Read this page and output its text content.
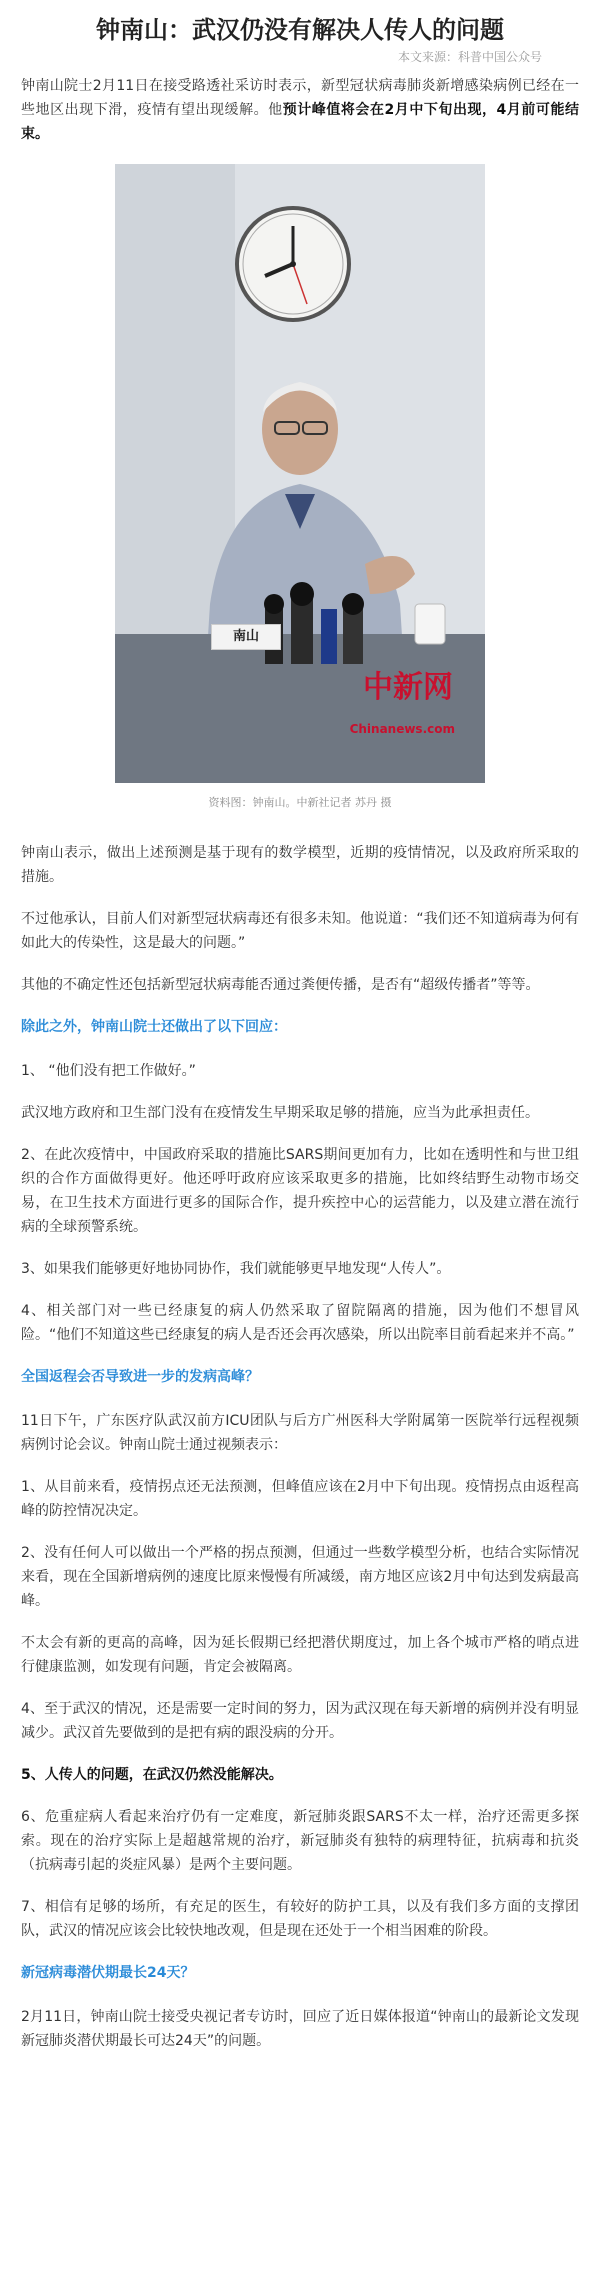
钟南山：武汉仍没有解决人传人的问题
本文来源：科普中国公众号

钟南山院士2月11日在接受路透社采访时表示，新型冠状病毒肺炎新增感染病例已经在一些地区出现下滑，疫情有望出现缓解。他预计峰值将会在2月中下旬出现，4月前可能结束。

南山
中新网
Chinanews.com
资料图：钟南山。中新社记者 苏丹 摄

钟南山表示，做出上述预测是基于现有的数学模型，近期的疫情情况，以及政府所采取的措施。

不过他承认，目前人们对新型冠状病毒还有很多未知。他说道：“我们还不知道病毒为何有如此大的传染性，这是最大的问题。”

其他的不确定性还包括新型冠状病毒能否通过粪便传播，是否有“超级传播者”等等。

除此之外，钟南山院士还做出了以下回应：

1、 “他们没有把工作做好。”

武汉地方政府和卫生部门没有在疫情发生早期采取足够的措施，应当为此承担责任。

2、在此次疫情中，中国政府采取的措施比SARS期间更加有力，比如在透明性和与世卫组织的合作方面做得更好。他还呼吁政府应该采取更多的措施，比如终结野生动物市场交易，在卫生技术方面进行更多的国际合作，提升疾控中心的运营能力，以及建立潜在流行病的全球预警系统。

3、如果我们能够更好地协同协作，我们就能够更早地发现“人传人”。

4、相关部门对一些已经康复的病人仍然采取了留院隔离的措施，因为他们不想冒风险。“他们不知道这些已经康复的病人是否还会再次感染，所以出院率目前看起来并不高。”

全国返程会否导致进一步的发病高峰？

11日下午，广东医疗队武汉前方ICU团队与后方广州医科大学附属第一医院举行远程视频病例讨论会议。钟南山院士通过视频表示：

1、从目前来看，疫情拐点还无法预测，但峰值应该在2月中下旬出现。疫情拐点由返程高峰的防控情况决定。

2、没有任何人可以做出一个严格的拐点预测，但通过一些数学模型分析，也结合实际情况来看，现在全国新增病例的速度比原来慢慢有所减缓，南方地区应该2月中旬达到发病最高峰。

不太会有新的更高的高峰，因为延长假期已经把潜伏期度过，加上各个城市严格的哨点进行健康监测，如发现有问题，肯定会被隔离。

4、至于武汉的情况，还是需要一定时间的努力，因为武汉现在每天新增的病例并没有明显减少。武汉首先要做到的是把有病的跟没病的分开。

5、人传人的问题，在武汉仍然没能解决。

6、危重症病人看起来治疗仍有一定难度，新冠肺炎跟SARS不太一样，治疗还需更多探索。现在的治疗实际上是超越常规的治疗，新冠肺炎有独特的病理特征，抗病毒和抗炎（抗病毒引起的炎症风暴）是两个主要问题。

7、相信有足够的场所，有充足的医生，有较好的防护工具，以及有我们多方面的支撑团队，武汉的情况应该会比较快地改观，但是现在还处于一个相当困难的阶段。

新冠病毒潜伏期最长24天？

2月11日，钟南山院士接受央视记者专访时，回应了近日媒体报道“钟南山的最新论文发现新冠肺炎潜伏期最长可达24天”的问题。
